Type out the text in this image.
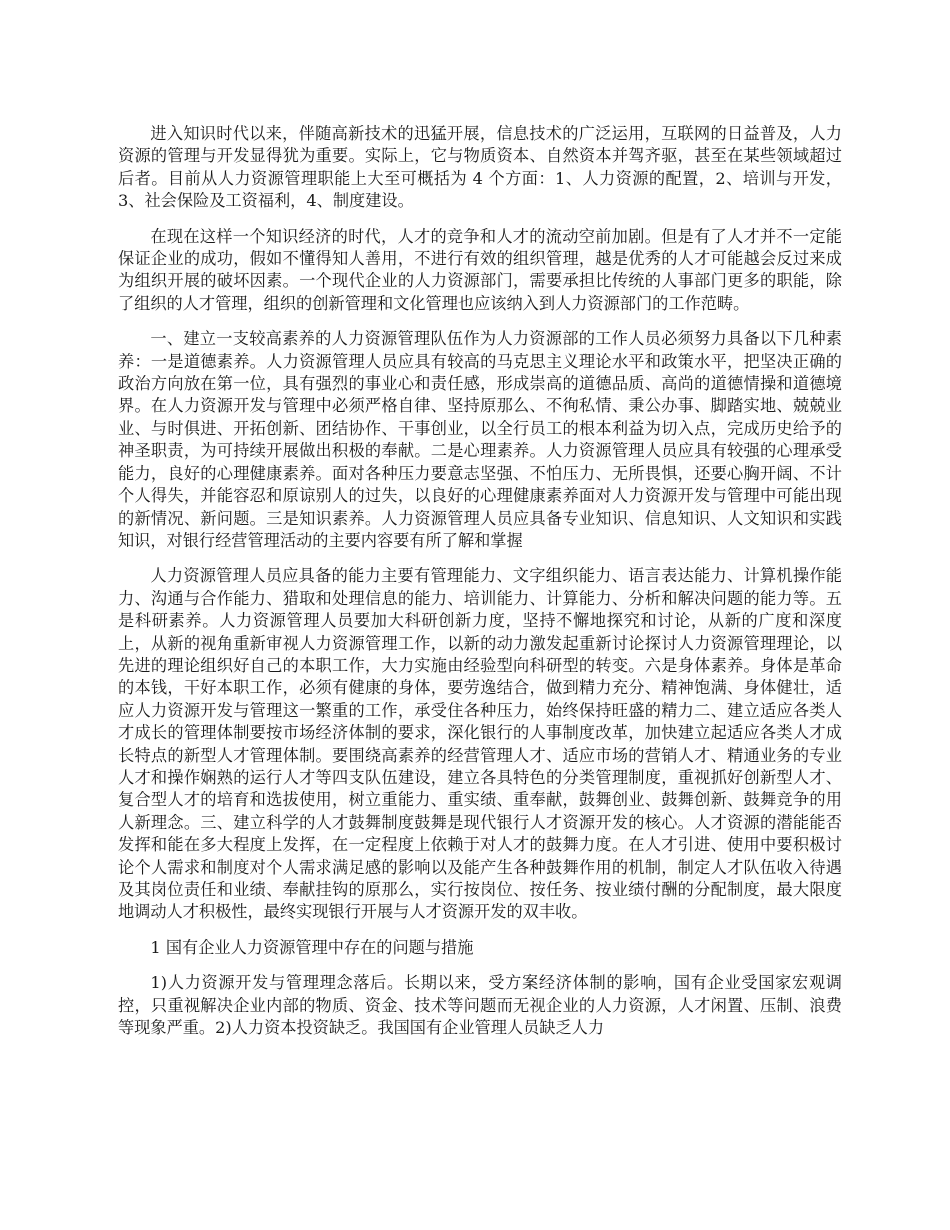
进入知识时代以来，伴随高新技术的迅猛开展，信息技术的广泛运用，互联网的日益普及，人力资源的管理与开发显得犹为重要。实际上，它与物质资本、自然资本并驾齐驱，甚至在某些领域超过后者。目前从人力资源管理职能上大至可概括为 4 个方面：1、人力资源的配置，2、培训与开发，3、社会保险及工资福利，4、制度建设。

在现在这样一个知识经济的时代，人才的竞争和人才的流动空前加剧。但是有了人才并不一定能保证企业的成功，假如不懂得知人善用，不进行有效的组织管理，越是优秀的人才可能越会反过来成为组织开展的破坏因素。一个现代企业的人力资源部门，需要承担比传统的人事部门更多的职能，除了组织的人才管理，组织的创新管理和文化管理也应该纳入到人力资源部门的工作范畴。

一、建立一支较高素养的人力资源管理队伍作为人力资源部的工作人员必须努力具备以下几种素养：一是道德素养。人力资源管理人员应具有较高的马克思主义理论水平和政策水平，把坚决正确的政治方向放在第一位，具有强烈的事业心和责任感，形成崇高的道德品质、高尚的道德情操和道德境界。在人力资源开发与管理中必须严格自律、坚持原那么、不徇私情、秉公办事、脚踏实地、兢兢业业、与时俱进、开拓创新、团结协作、干事创业，以全行员工的根本利益为切入点，完成历史给予的神圣职责，为可持续开展做出积极的奉献。二是心理素养。人力资源管理人员应具有较强的心理承受能力，良好的心理健康素养。面对各种压力要意志坚强、不怕压力、无所畏惧，还要心胸开阔、不计个人得失，并能容忍和原谅别人的过失，以良好的心理健康素养面对人力资源开发与管理中可能出现的新情况、新问题。三是知识素养。人力资源管理人员应具备专业知识、信息知识、人文知识和实践知识，对银行经营管理活动的主要内容要有所了解和掌握

人力资源管理人员应具备的能力主要有管理能力、文字组织能力、语言表达能力、计算机操作能力、沟通与合作能力、猎取和处理信息的能力、培训能力、计算能力、分析和解决问题的能力等。五是科研素养。人力资源管理人员要加大科研创新力度，坚持不懈地探究和讨论，从新的广度和深度上，从新的视角重新审视人力资源管理工作，以新的动力激发起重新讨论探讨人力资源管理理论，以先进的理论组织好自己的本职工作，大力实施由经验型向科研型的转变。六是身体素养。身体是革命的本钱，干好本职工作，必须有健康的身体，要劳逸结合，做到精力充分、精神饱满、身体健壮，适应人力资源开发与管理这一繁重的工作，承受住各种压力，始终保持旺盛的精力二、建立适应各类人才成长的管理体制要按市场经济体制的要求，深化银行的人事制度改革，加快建立起适应各类人才成长特点的新型人才管理体制。要围绕高素养的经营管理人才、适应市场的营销人才、精通业务的专业人才和操作娴熟的运行人才等四支队伍建设，建立各具特色的分类管理制度，重视抓好创新型人才、复合型人才的培育和选拔使用，树立重能力、重实绩、重奉献，鼓舞创业、鼓舞创新、鼓舞竞争的用人新理念。三、建立科学的人才鼓舞制度鼓舞是现代银行人才资源开发的核心。人才资源的潜能能否发挥和能在多大程度上发挥，在一定程度上依赖于对人才的鼓舞力度。在人才引进、使用中要积极讨论个人需求和制度对个人需求满足感的影响以及能产生各种鼓舞作用的机制，制定人才队伍收入待遇及其岗位责任和业绩、奉献挂钩的原那么，实行按岗位、按任务、按业绩付酬的分配制度，最大限度地调动人才积极性，最终实现银行开展与人才资源开发的双丰收。

1 国有企业人力资源管理中存在的问题与措施

1)人力资源开发与管理理念落后。长期以来，受方案经济体制的影响，国有企业受国家宏观调控，只重视解决企业内部的物质、资金、技术等问题而无视企业的人力资源，人才闲置、压制、浪费等现象严重。2)人力资本投资缺乏。我国国有企业管理人员缺乏人力
